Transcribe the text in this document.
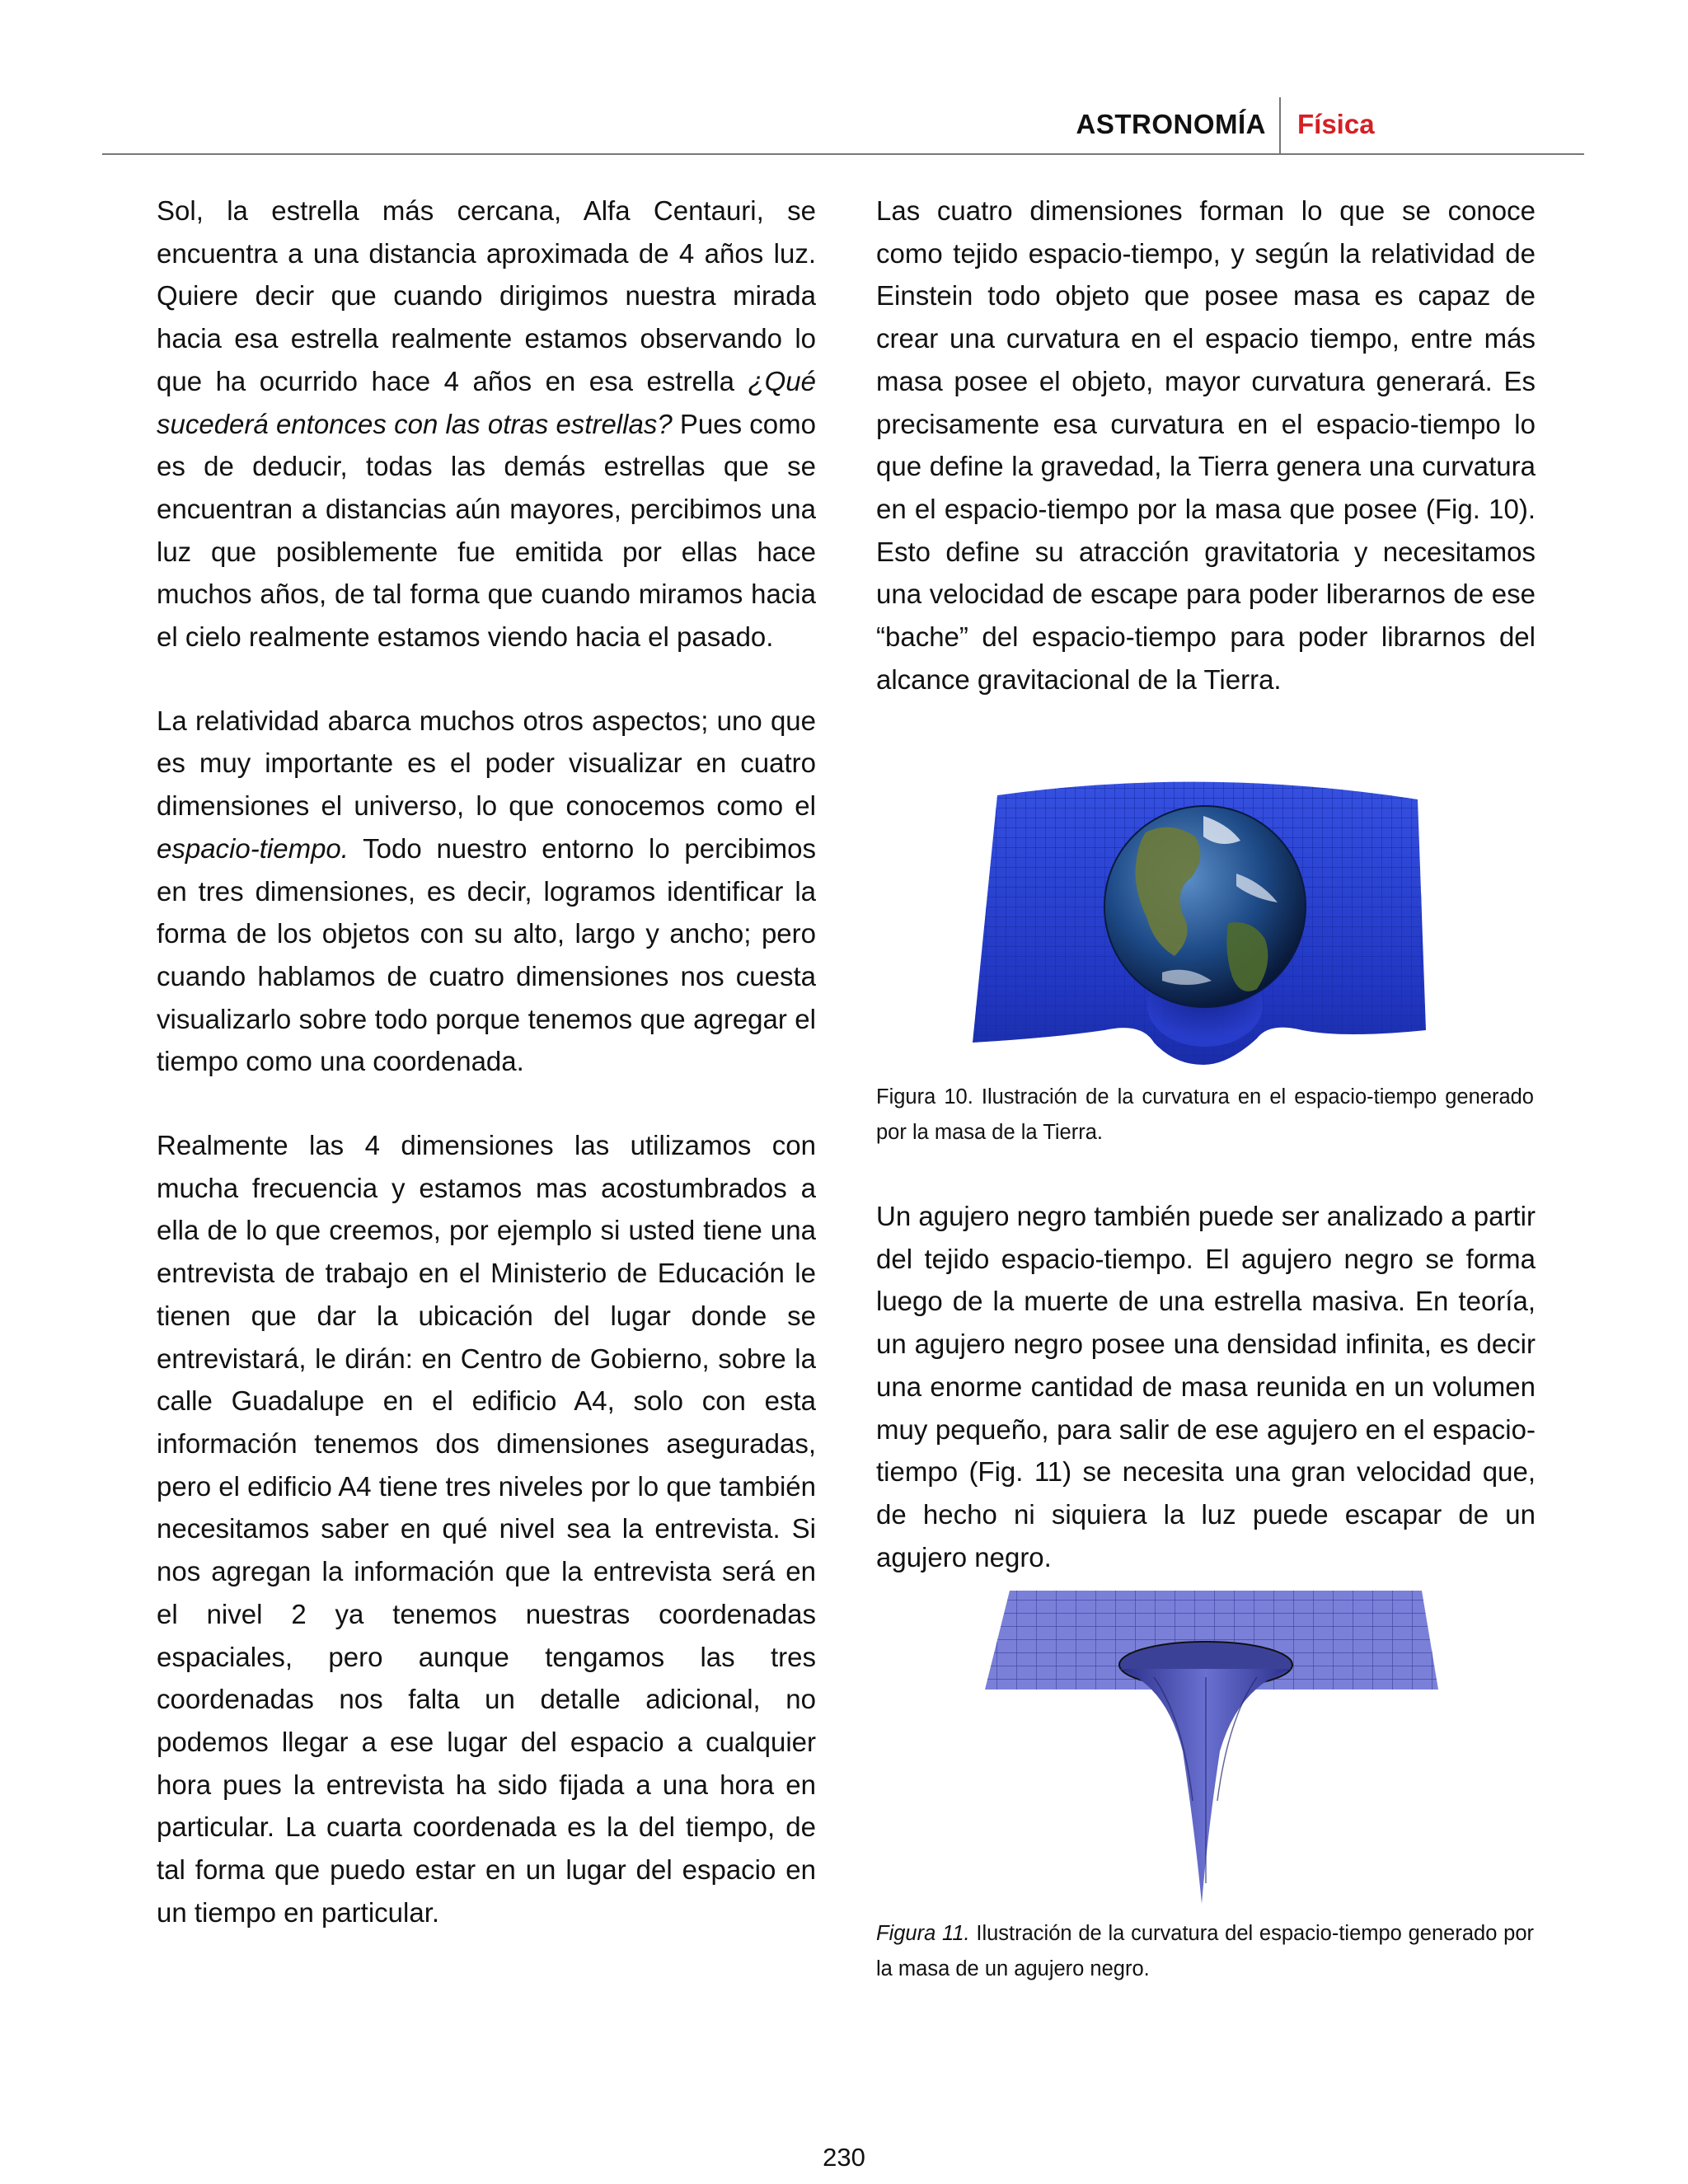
ASTRONOMÍA Física

Sol, la estrella más cercana, Alfa Centauri, se encuentra a una distancia aproximada de 4 años luz. Quiere decir que cuando dirigimos nuestra mirada hacia esa estrella realmente estamos observando lo que ha ocurrido hace 4 años en esa estrella ¿Qué sucederá entonces con las otras estrellas? Pues como es de deducir, todas las demás estrellas que se encuentran a distancias aún mayores, percibimos una luz que posiblemente fue emitida por ellas hace muchos años, de tal forma que cuando miramos hacia el cielo realmente estamos viendo hacia el pasado.

La relatividad abarca muchos otros aspectos; uno que es muy importante es el poder visualizar en cuatro dimensiones el universo, lo que conocemos como el espacio-tiempo. Todo nuestro entorno lo percibimos en tres dimensiones, es decir, logramos identificar la forma de los objetos con su alto, largo y ancho; pero cuando hablamos de cuatro dimensiones nos cuesta visualizarlo sobre todo porque tenemos que agregar el tiempo como una coordenada.

Realmente las 4 dimensiones las utilizamos con mucha frecuencia y estamos mas acostumbrados a ella de lo que creemos, por ejemplo si usted tiene una entrevista de trabajo en el Ministerio de Educación le tienen que dar la ubicación del lugar donde se entrevistará, le dirán: en Centro de Gobierno, sobre la calle Guadalupe en el edificio A4, solo con esta información tenemos dos dimensiones aseguradas, pero el edificio A4 tiene tres niveles por lo que también necesitamos saber en qué nivel sea la entrevista. Si nos agregan la información que la entrevista será en el nivel 2 ya tenemos nuestras coordenadas espaciales, pero aunque tengamos las tres coordenadas nos falta un detalle adicional, no podemos llegar a ese lugar del espacio a cualquier hora pues la entrevista ha sido fijada a una hora en particular. La cuarta coordenada es la del tiempo, de tal forma que puedo estar en un lugar del espacio en un tiempo en particular.

Las cuatro dimensiones forman lo que se conoce como tejido espacio-tiempo, y según la relatividad de Einstein todo objeto que posee masa es capaz de crear una curvatura en el espacio tiempo, entre más masa posee el objeto, mayor curvatura generará. Es precisamente esa curvatura en el espacio-tiempo lo que define la gravedad, la Tierra genera una curvatura en el espacio-tiempo por la masa que posee (Fig. 10). Esto define su atracción gravitatoria y necesitamos una velocidad de escape para poder liberarnos de ese “bache” del espacio-tiempo para poder librarnos del alcance gravitacional de la Tierra.

Figura 10. Ilustración de la curvatura en el espacio-tiempo generado por la masa de la Tierra.

Un agujero negro también puede ser analizado a partir del tejido espacio-tiempo. El agujero negro se forma luego de la muerte de una estrella masiva. En teoría, un agujero negro posee una densidad infinita, es decir una enorme cantidad de masa reunida en un volumen muy pequeño, para salir de ese agujero en el espacio-tiempo (Fig. 11) se necesita una gran velocidad que, de hecho ni siquiera la luz puede escapar de un agujero negro.

Figura 11. Ilustración de la curvatura del espacio-tiempo generado por la masa de un agujero negro.

230
